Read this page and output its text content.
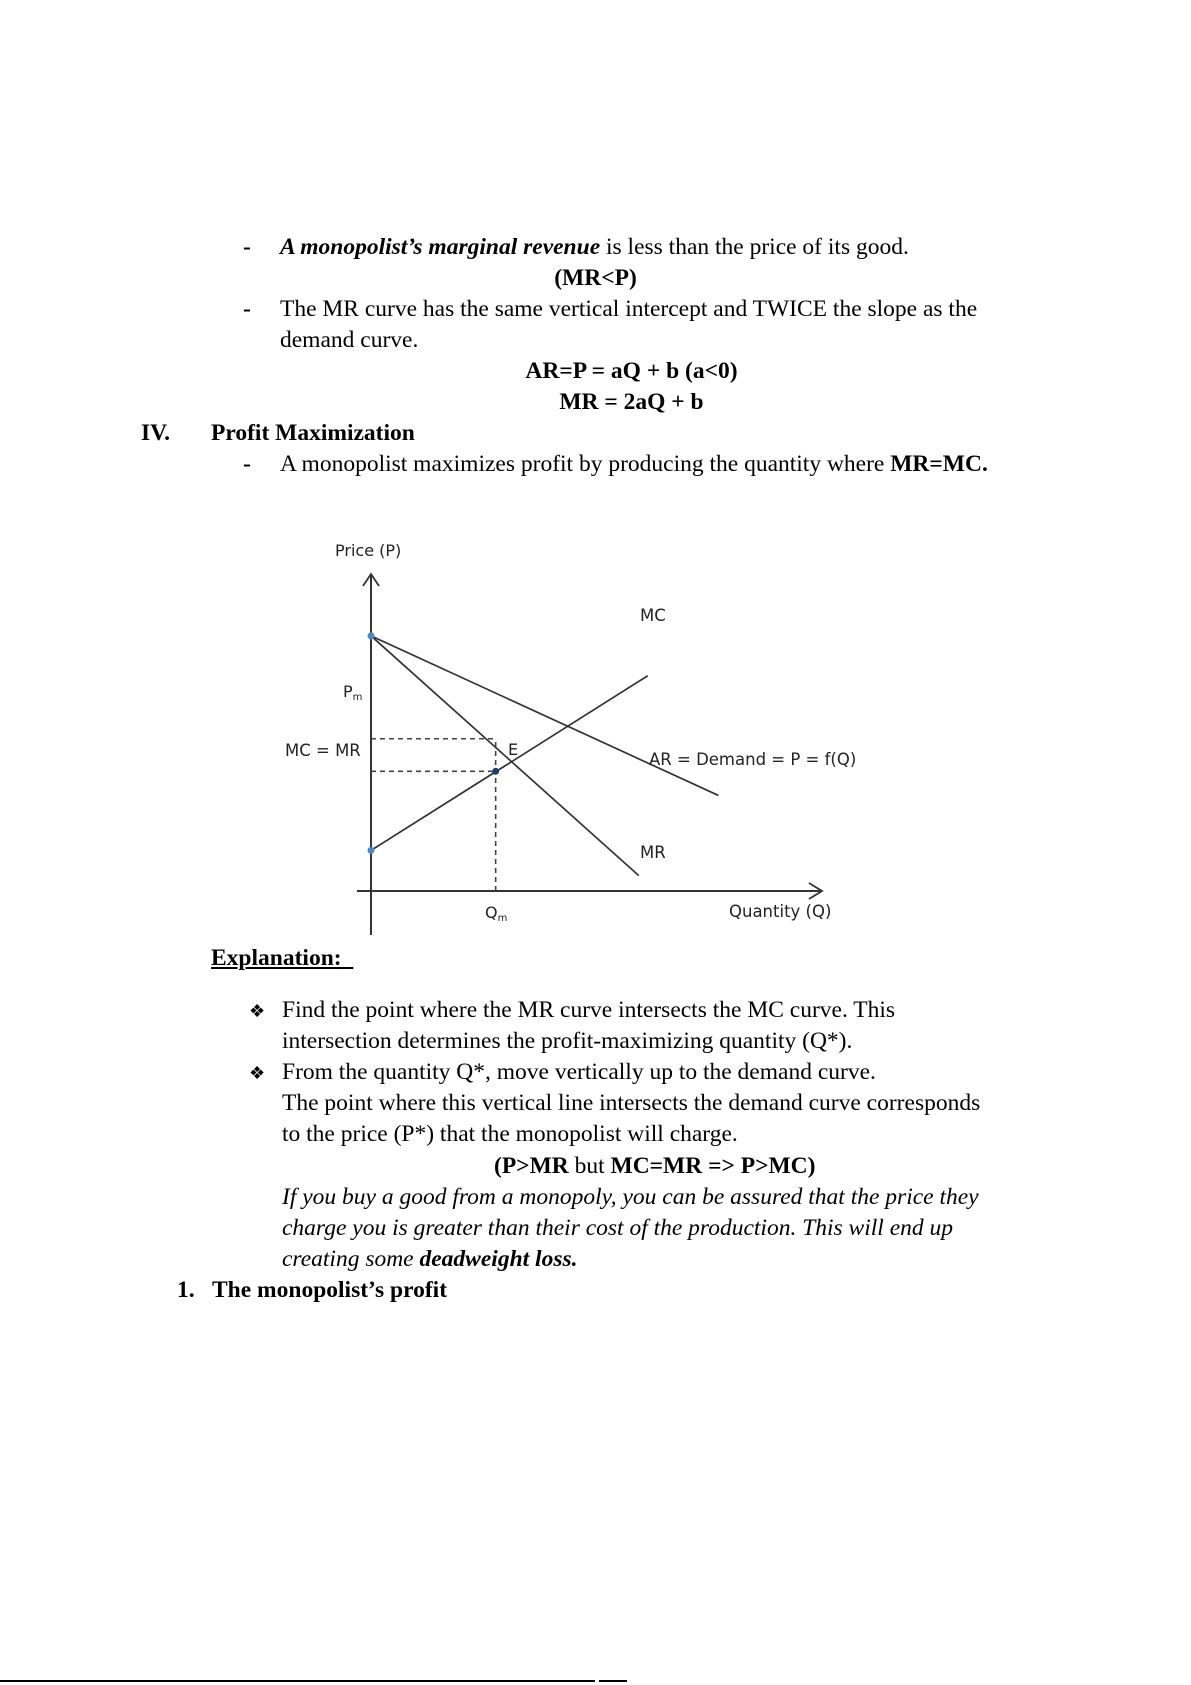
- A monopolist’s marginal revenue is less than the price of its good.
(MR<P)
- The MR curve has the same vertical intercept and TWICE the slope as the
demand curve.
AR=P = aQ + b (a<0)
MR = 2aQ + b
IV. Profit Maximization
- A monopolist maximizes profit by producing the quantity where MR=MC.
Price (P)
Quantity (Q)
MC
MR
AR = Demand = P = f(Q)
E
Pm
MC = MR
Qm
Explanation:
❖ Find the point where the MR curve intersects the MC curve. This
intersection determines the profit-maximizing quantity (Q*).
❖ From the quantity Q*, move vertically up to the demand curve.
The point where this vertical line intersects the demand curve corresponds
to the price (P*) that the monopolist will charge.
(P>MR but MC=MR => P>MC)
If you buy a good from a monopoly, you can be assured that the price they
charge you is greater than their cost of the production. This will end up
creating some deadweight loss.
1. The monopolist’s profit
